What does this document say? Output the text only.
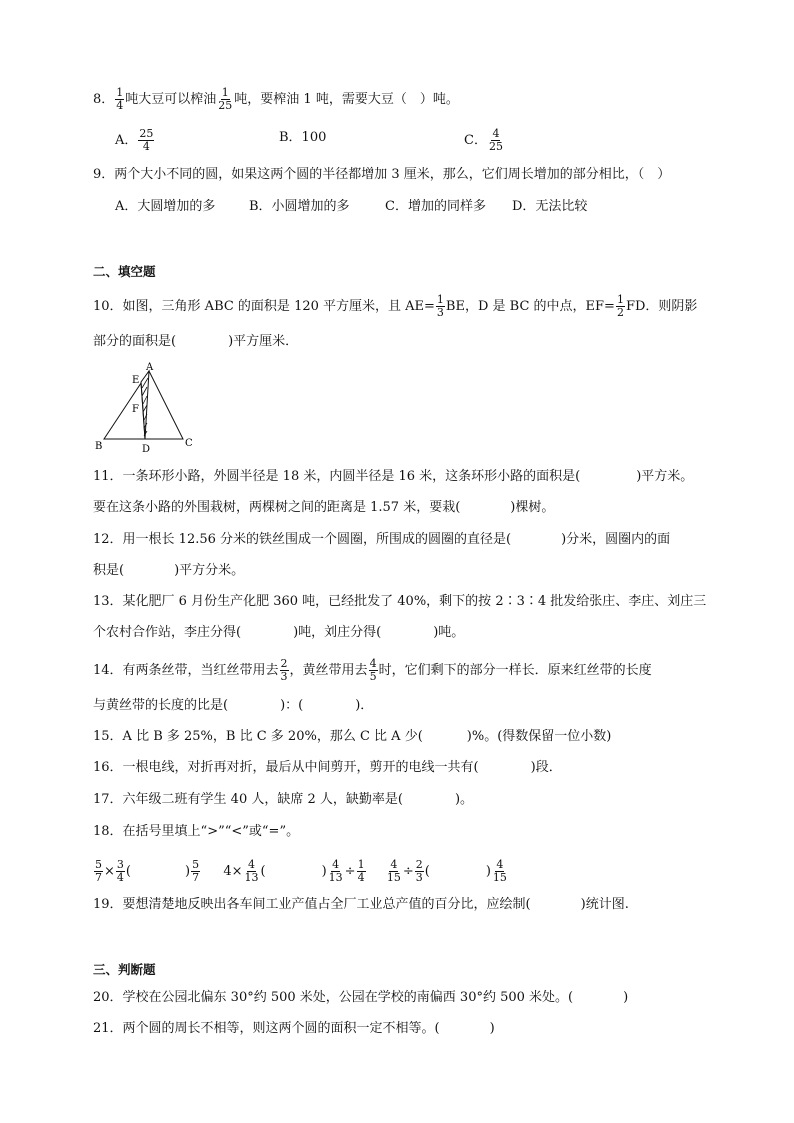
8． $\frac{1}{4}$ 吨大豆可以榨油 $\frac{1}{25}$ 吨，要榨油 1 吨，需要大豆（　）吨。
A． $\frac{25}{4}$	B．100	C． $\frac{4}{25}$
9．两个大小不同的圆，如果这两个圆的半径都增加 3 厘米，那么，它们周长增加的部分相比，（　）
A．大圆增加的多	B．小圆增加的多	C．增加的同样多 D．无法比较
二、填空题
10．如图，三角形 ABC 的面积是 120 平方厘米，且 $AE= \frac{1}{3}$ BE，D 是 BC 的中点，$EF= \frac{1}{2}$ FD．则阴影
部分的面积是(	)平方厘米．
A
E
F
B	D
C
11．一条环形小路，外圆半径是 18 米，内圆半径是 16 米，这条环形小路的面积是(	)平方米。
要在这条小路的外围栽树，两棵树之间的距离是 1.57 米，要栽(	)棵树。
12．用一根长 12.56 分米的铁丝围成一个圆圈，所围成的圆圈的直径是(	)分米，圆圈内的面
积是(	)平方分米。
13．某化肥厂 6 月份生产化肥 360 吨，已经批发了 40%，剩下的按 2∶3∶4 批发给张庄、李庄、刘庄三
个农村合作站，李庄分得(	)吨，刘庄分得(	)吨。
14．有两条丝带，当红丝带用去 $\frac{2}{3}$ ，黄丝带用去 $\frac{4}{5}$ 时，它们剩下的部分一样长．原来红丝带的长度
与黄丝带的长度的比是(	)：(	)．
15．A 比 B 多 25%，B 比 C 多 20%，那么 C 比 A 少(	)%。(得数保留一位小数)
16．一根电线，对折再对折，最后从中间剪开，剪开的电线一共有(	)段．
17．六年级二班有学生 40 人，缺席 2 人，缺勤率是(	)。
18．在括号里填上“>”“<”或“=”。
$\frac{5}{7} \times \frac{3}{4}$ (	) $\frac{5}{7} 4\times \frac{4}{13}$ (	) $\frac{4}{13} \div \frac{1}{4}$
$\frac{4}{15} \div \frac{2}{3}$ (	) $\frac{4}{15}$
19．要想清楚地反映出各车间工业产值占全厂工业总产值的百分比，应绘制(	)统计图.
三、判断题
20．学校在公园北偏东 30°约 500 米处，公园在学校的南偏西 30°约 500 米处。(	)
21．两个圆的周长不相等，则这两个圆的面积一定不相等。(	)
